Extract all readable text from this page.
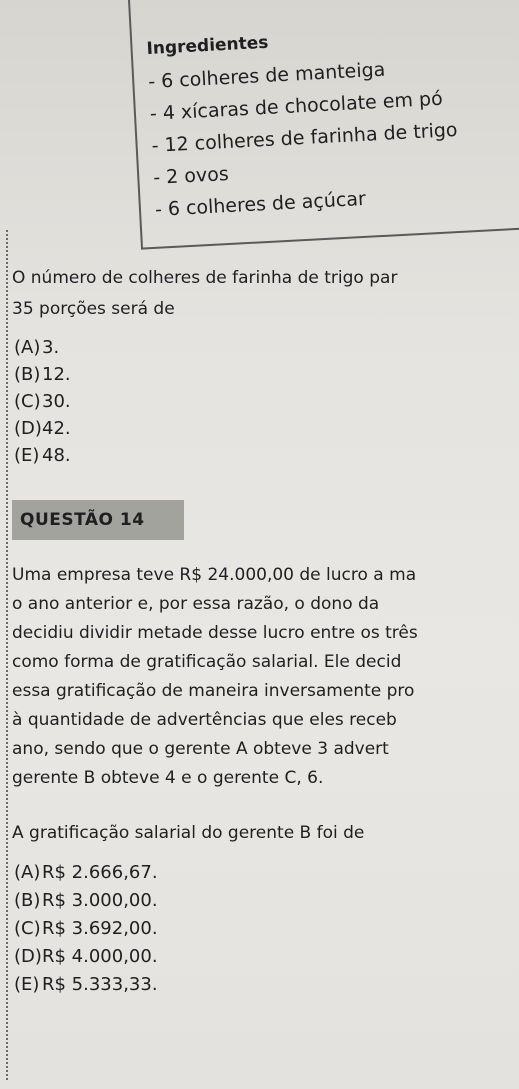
Ingredientes
- 6 colheres de manteiga
- 4 xícaras de chocolate em pó
- 12 colheres de farinha de trigo
- 2 ovos
- 6 colheres de açúcar
O número de colheres de farinha de trigo par
35 porções será de
(A)3.
(B)12.
(C)30.
(D)42.
(E) 48.
QUESTÃO 14
Uma empresa teve R$ 24.000,00 de lucro a ma
o ano anterior e, por essa razão, o dono da
decidiu dividir metade desse lucro entre os três
como forma de gratificação salarial. Ele decid
essa gratificação de maneira inversamente pro
à quantidade de advertências que eles receb
ano, sendo que o gerente A obteve 3 advert
gerente B obteve 4 e o gerente C, 6.
A gratificação salarial do gerente B foi de
(A)R$ 2.666,67.
(B)R$ 3.000,00.
(C)R$ 3.692,00.
(D)R$ 4.000,00.
(E) R$ 5.333,33.
